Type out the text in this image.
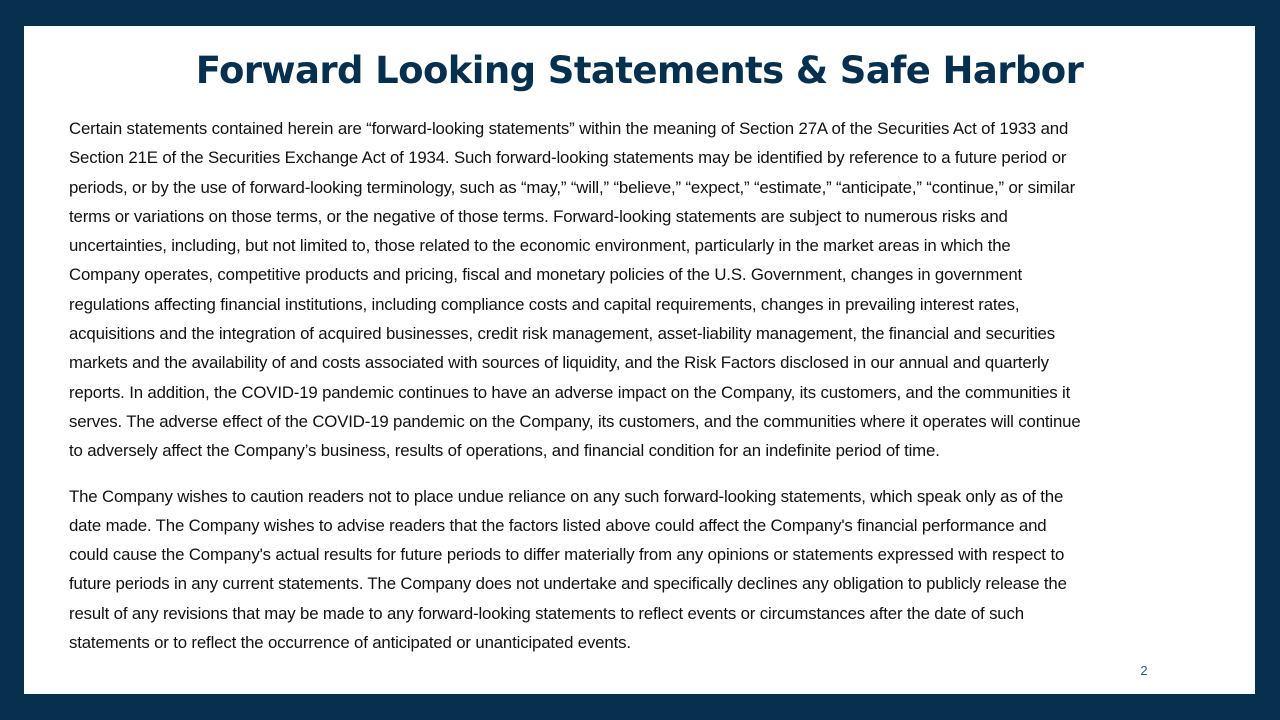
Forward Looking Statements & Safe Harbor

Certain statements contained herein are “forward-looking statements” within the meaning of Section 27A of the Securities Act of 1933 and
Section 21E of the Securities Exchange Act of 1934. Such forward-looking statements may be identified by reference to a future period or
periods, or by the use of forward-looking terminology, such as “may,” “will,” “believe,” “expect,” “estimate,” “anticipate,” “continue,” or similar
terms or variations on those terms, or the negative of those terms. Forward-looking statements are subject to numerous risks and
uncertainties, including, but not limited to, those related to the economic environment, particularly in the market areas in which the
Company operates, competitive products and pricing, fiscal and monetary policies of the U.S. Government, changes in government
regulations affecting financial institutions, including compliance costs and capital requirements, changes in prevailing interest rates,
acquisitions and the integration of acquired businesses, credit risk management, asset-liability management, the financial and securities
markets and the availability of and costs associated with sources of liquidity, and the Risk Factors disclosed in our annual and quarterly
reports. In addition, the COVID-19 pandemic continues to have an adverse impact on the Company, its customers, and the communities it
serves. The adverse effect of the COVID-19 pandemic on the Company, its customers, and the communities where it operates will continue
to adversely affect the Company’s business, results of operations, and financial condition for an indefinite period of time.

The Company wishes to caution readers not to place undue reliance on any such forward-looking statements, which speak only as of the
date made. The Company wishes to advise readers that the factors listed above could affect the Company's financial performance and
could cause the Company's actual results for future periods to differ materially from any opinions or statements expressed with respect to
future periods in any current statements. The Company does not undertake and specifically declines any obligation to publicly release the
result of any revisions that may be made to any forward-looking statements to reflect events or circumstances after the date of such
statements or to reflect the occurrence of anticipated or unanticipated events.

2
